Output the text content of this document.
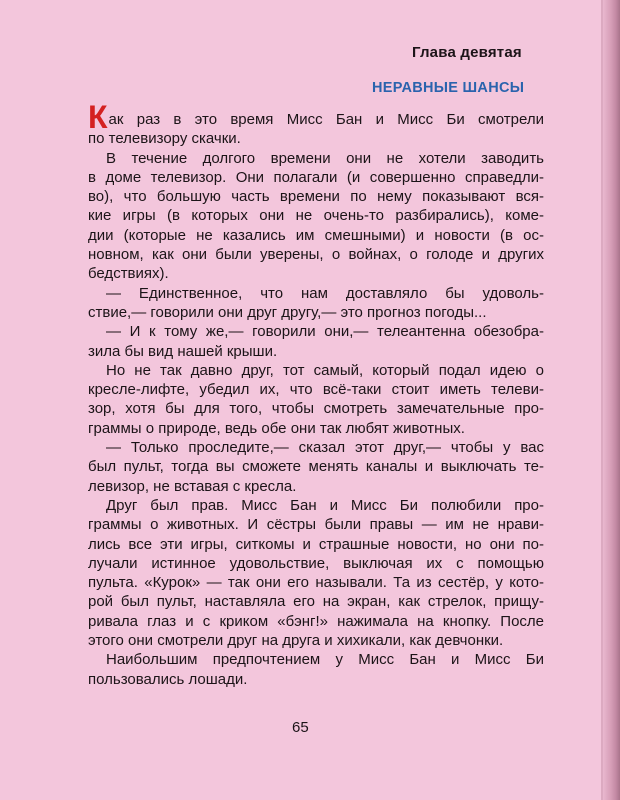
Глава девятая
НЕРАВНЫЕ ШАНСЫ
Как раз в это время Мисс Бан и Мисс Би смотрели
по телевизору скачки.
В течение долгого времени они не хотели заводить
в доме телевизор. Они полагали (и совершенно справедли-
во), что большую часть времени по нему показывают вся-
кие игры (в которых они не очень-то разбирались), коме-
дии (которые не казались им смешными) и новости (в ос-
новном, как они были уверены, о войнах, о голоде и других
бедствиях).
— Единственное, что нам доставляло бы удоволь-
ствие,— говорили они друг другу,— это прогноз погоды...
— И к тому же,— говорили они,— телеантенна обезобра-
зила бы вид нашей крыши.
Но не так давно друг, тот самый, который подал идею о
кресле-лифте, убедил их, что всё-таки стоит иметь телеви-
зор, хотя бы для того, чтобы смотреть замечательные про-
граммы о природе, ведь обе они так любят животных.
— Только проследите,— сказал этот друг,— чтобы у вас
был пульт, тогда вы сможете менять каналы и выключать те-
левизор, не вставая с кресла.
Друг был прав. Мисс Бан и Мисс Би полюбили про-
граммы о животных. И сёстры были правы — им не нрави-
лись все эти игры, ситкомы и страшные новости, но они по-
лучали истинное удовольствие, выключая их с помощью
пульта. «Курок» — так они его называли. Та из сестёр, у кото-
рой был пульт, наставляла его на экран, как стрелок, прищу-
ривала глаз и с криком «бэнг!» нажимала на кнопку. После
этого они смотрели друг на друга и хихикали, как девчонки.
Наибольшим предпочтением у Мисс Бан и Мисс Би
пользовались лошади.
65
